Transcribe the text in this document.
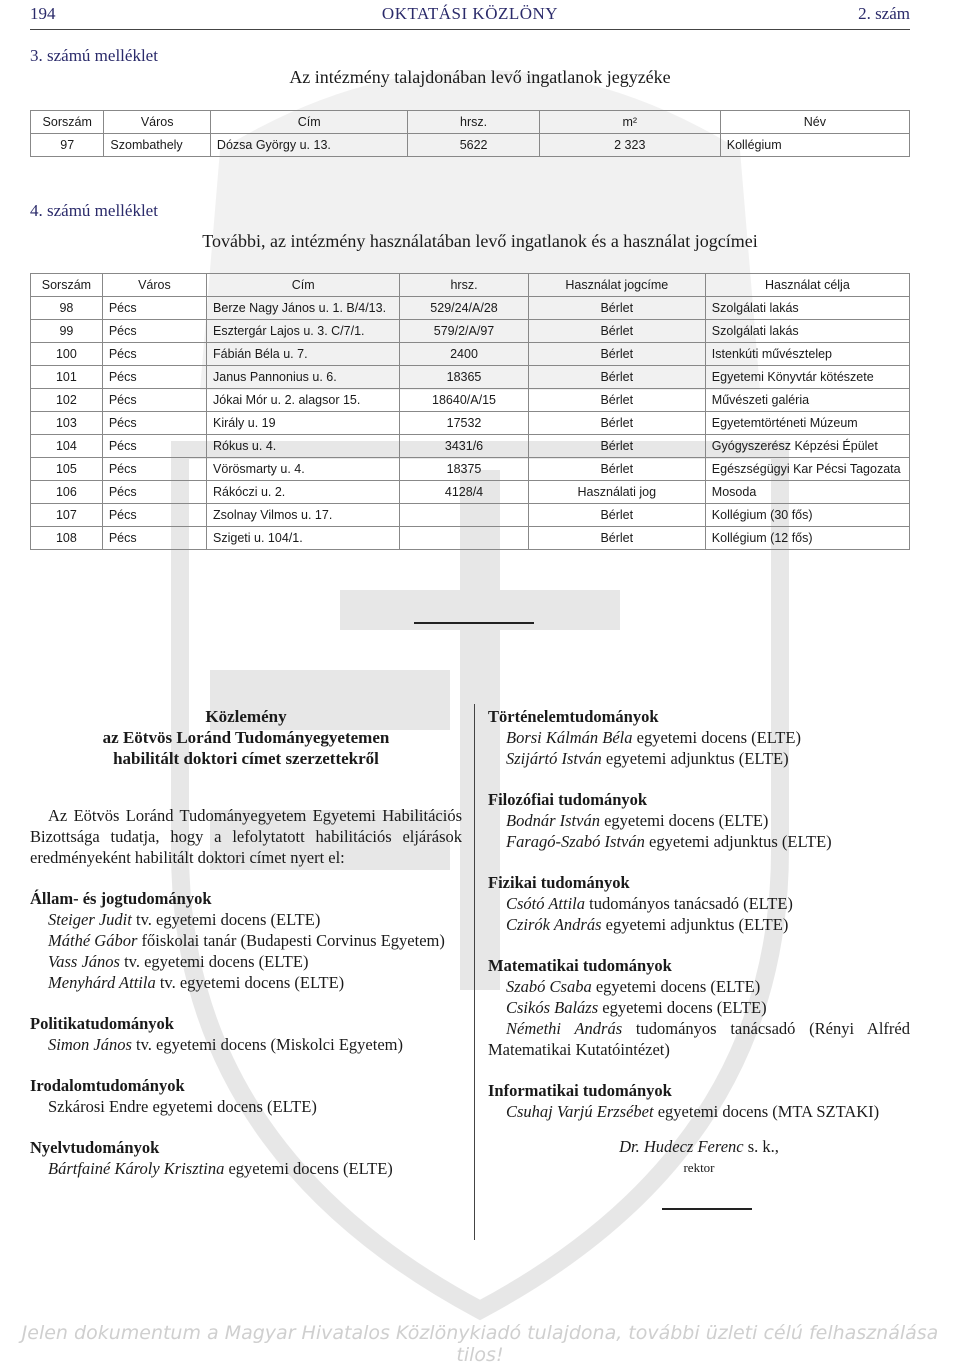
194	OKTATÁSI KÖZLÖNY	2. szám
3. számú melléklet
Az intézmény talajdonában levő ingatlanok jegyzéke
Sorszám	Város	Cím	hrsz.	m²	Név
97	Szombathely	Dózsa György u. 13.	5622	2 323	Kollégium
4. számú melléklet
További, az intézmény használatában levő ingatlanok és a használat jogcímei
Sorszám	Város	Cím	hrsz.	Használat jogcíme	Használat célja
98	Pécs	Berze Nagy János u. 1. B/4/13.	529/24/A/28	Bérlet	Szolgálati lakás
99	Pécs	Esztergár Lajos u. 3. C/7/1.	579/2/A/97	Bérlet	Szolgálati lakás
100	Pécs	Fábián Béla u. 7.	2400	Bérlet	Istenkúti művésztelep
101	Pécs	Janus Pannonius u. 6.	18365	Bérlet	Egyetemi Könyvtár kötészete
102	Pécs	Jókai Mór u. 2. alagsor 15.	18640/A/15	Bérlet	Művészeti galéria
103	Pécs	Király u. 19	17532	Bérlet	Egyetemtörténeti Múzeum
104	Pécs	Rókus u. 4.	3431/6	Bérlet	Gyógyszerész Képzési Épület
105	Pécs	Vörösmarty u. 4.	18375	Bérlet	Egészségügyi Kar Pécsi Tagozata
106	Pécs	Rákóczi u. 2.	4128/4	Használati jog	Mosoda
107	Pécs	Zsolnay Vilmos u. 17.		Bérlet	Kollégium (30 fős)
108	Pécs	Szigeti u. 104/1.		Bérlet	Kollégium (12 fős)
Közlemény
az Eötvös Loránd Tudományegyetemen
habilitált doktori címet szerzettekről

Az Eötvös Loránd Tudományegyetem Egyetemi Habilitációs Bizottsága tudatja, hogy a lefolytatott habilitációs eljárások eredményeként habilitált doktori címet nyert el:

Állam- és jogtudományok

Steiger Judit tv. egyetemi docens (ELTE)

Máthé Gábor főiskolai tanár (Budapesti Corvinus Egyetem)

Vass János tv. egyetemi docens (ELTE)

Menyhárd Attila tv. egyetemi docens (ELTE)

Politikatudományok

Simon János tv. egyetemi docens (Miskolci Egyetem)

Irodalomtudományok

Szkárosi Endre egyetemi docens (ELTE)

Nyelvtudományok

Bártfainé Károly Krisztina egyetemi docens (ELTE)

Történelemtudományok

Borsi Kálmán Béla egyetemi docens (ELTE)

Szijártó István egyetemi adjunktus (ELTE)

Filozófiai tudományok

Bodnár István egyetemi docens (ELTE)

Faragó-Szabó István egyetemi adjunktus (ELTE)

Fizikai tudományok

Csótó Attila tudományos tanácsadó (ELTE)

Czirók András egyetemi adjunktus (ELTE)

Matematikai tudományok

Szabó Csaba egyetemi docens (ELTE)

Csikós Balázs egyetemi docens (ELTE)

Némethi András tudományos tanácsadó (Rényi Alfréd Matematikai Kutatóintézet)

Informatikai tudományok

Csuhaj Varjú Erzsébet egyetemi docens (MTA SZTAKI)

Dr. Hudecz Ferenc s. k.,
rektor
Jelen dokumentum a Magyar Hivatalos Közlönykiadó tulajdona, további üzleti célú felhasználása tilos!
